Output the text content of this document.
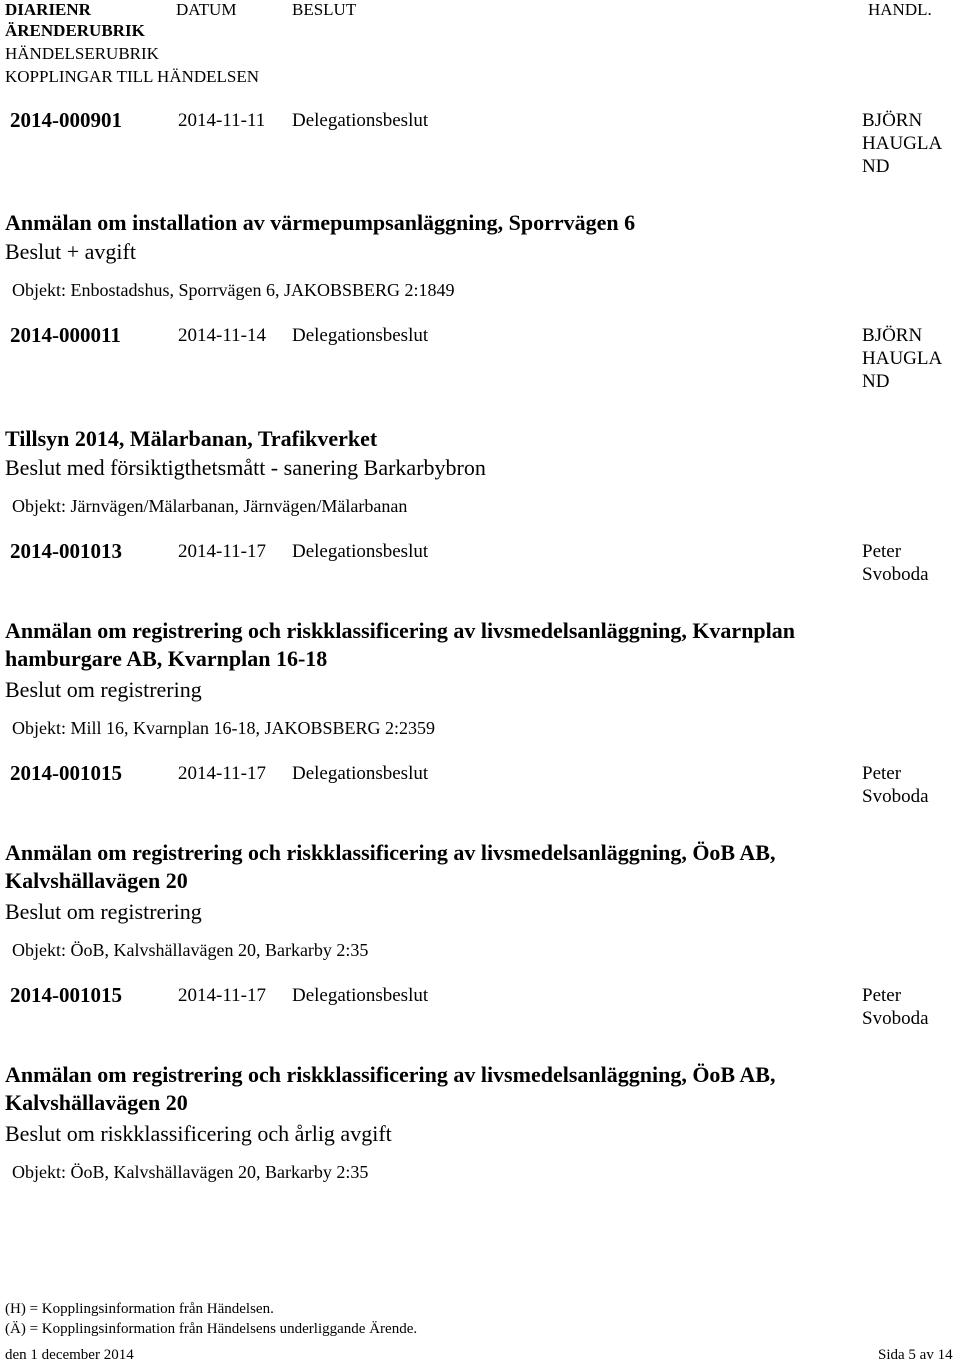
DIARIENR	DATUM	BESLUT	HANDL.
ÄRENDERUBRIK
HÄNDELSERUBRIK
KOPPLINGAR TILL HÄNDELSEN
2014-000901	2014-11-11 Delegationsbeslut	BJÖRN
HAUGLA
ND
Anmälan om installation av värmepumpsanläggning, Sporrvägen 6
Beslut + avgift
Objekt: Enbostadshus, Sporrvägen 6, JAKOBSBERG 2:1849
2014-000011	2014-11-14 Delegationsbeslut	BJÖRN
HAUGLA
ND
Tillsyn 2014, Mälarbanan, Trafikverket
Beslut med försiktigthetsmått - sanering Barkarbybron
Objekt: Järnvägen/Mälarbanan, Järnvägen/Mälarbanan
2014-001013	2014-11-17 Delegationsbeslut	Peter
Svoboda
Anmälan om registrering och riskklassificering av livsmedelsanläggning, Kvarnplan
hamburgare AB, Kvarnplan 16-18
Beslut om registrering
Objekt: Mill 16, Kvarnplan 16-18, JAKOBSBERG 2:2359
2014-001015	2014-11-17 Delegationsbeslut	Peter
Svoboda
Anmälan om registrering och riskklassificering av livsmedelsanläggning, ÖoB AB,
Kalvshällavägen 20
Beslut om registrering
Objekt: ÖoB, Kalvshällavägen 20, Barkarby 2:35
2014-001015	2014-11-17 Delegationsbeslut	Peter
Svoboda
Anmälan om registrering och riskklassificering av livsmedelsanläggning, ÖoB AB,
Kalvshällavägen 20
Beslut om riskklassificering och årlig avgift
Objekt: ÖoB, Kalvshällavägen 20, Barkarby 2:35
(H) = Kopplingsinformation från Händelsen.
(Ä) = Kopplingsinformation från Händelsens underliggande Ärende.
den 1 december 2014	Sida 5 av 14
